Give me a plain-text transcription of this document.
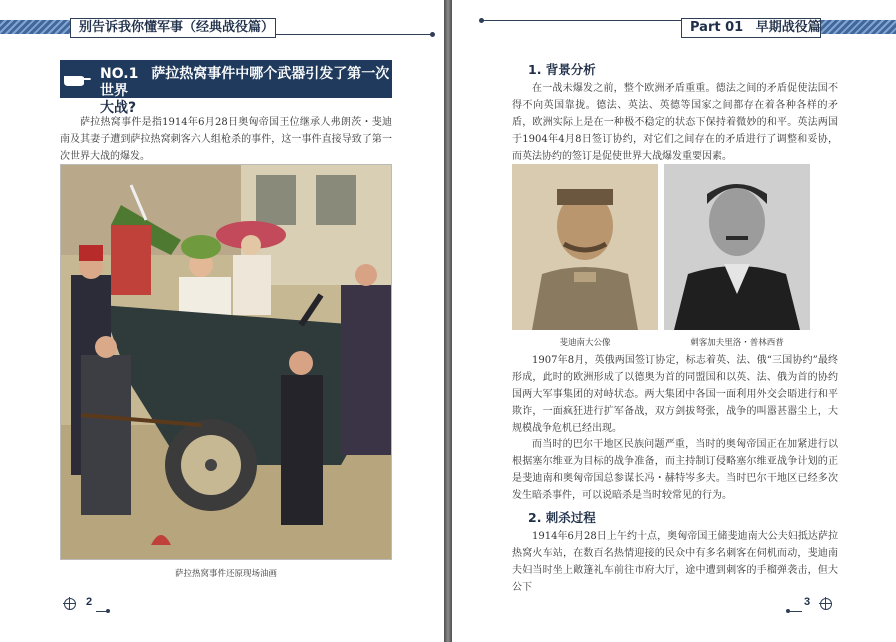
别告诉我你懂军事（经典战役篇）
NO.1 萨拉热窝事件中哪个武器引发了第一次世界
大战?

萨拉热窝事件是指1914年6月28日奥匈帝国王位继承人弗朗茨・斐迪南及其妻子遭到萨拉热窝刺客六人组枪杀的事件，这一事件直接导致了第一次世界大战的爆发。

萨拉热窝事件还原现场油画
2
Part 01 早期战役篇
1. 背景分析

在一战未爆发之前，整个欧洲矛盾重重。德法之间的矛盾促使法国不得不向英国靠拢。德法、英法、英德等国家之间都存在着各种各样的矛盾，欧洲实际上是在一种极不稳定的状态下保持着微妙的和平。英法两国于1904年4月8日签订协约，对它们之间存在的矛盾进行了调整和妥协，而英法协约的签订是促使世界大战爆发重要因素。

斐迪南大公像	刺客加夫里洛・普林西普

1907年8月，英俄两国签订协定，标志着英、法、俄“三国协约”最终形成，此时的欧洲形成了以德奥为首的同盟国和以英、法、俄为首的协约国两大军事集团的对峙状态。两大集团中各国一面利用外交会晤进行和平欺诈，一面疯狂进行扩军备战，双方剑拔弩张，战争的叫嚣甚嚣尘上，大规模战争危机已经出现。

而当时的巴尔干地区民族问题严重，当时的奥匈帝国正在加紧进行以根据塞尔维亚为目标的战争准备，而主持制订侵略塞尔维亚战争计划的正是斐迪南和奥匈帝国总参谋长冯・赫特岑多夫。当时巴尔干地区已经多次发生暗杀事件，可以说暗杀是当时较常见的行为。

2. 刺杀过程

1914年6月28日上午约十点，奥匈帝国王储斐迪南大公夫妇抵达萨拉热窝火车站，在数百名热情迎接的民众中有多名刺客在伺机而动，斐迪南夫妇当时坐上敞篷礼车前往市府大厅，途中遭到刺客的手榴弹袭击，但大公下

3
